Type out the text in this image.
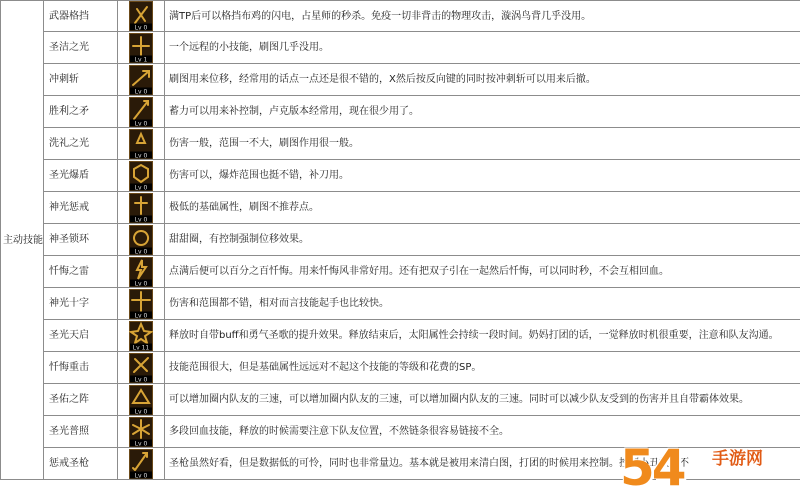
主动技能	武器格挡	Lv 0	满TP后可以格挡布鸡的闪电，占星师的秒杀。免疫一切非背击的物理攻击，漩涡鸟背几乎没用。
	圣洁之光	Lv 1	一个远程的小技能，刷图几乎没用。
	冲刺斩	Lv 0	刷图用来位移，经常用的话点一点还是很不错的，X然后按反向键的同时按冲刺斩可以用来后撤。
	胜利之矛	Lv 0	蓄力可以用来补控制，卢克版本经常用，现在很少用了。
	洗礼之光	Lv 0	伤害一般，范围一不大，刷图作用很一般。
	圣光爆盾	Lv 0	伤害可以，爆炸范围也挺不错，补刀用。
	神光惩戒	Lv 0	极低的基础属性，刷图不推荐点。
	神圣锁环	Lv 0	甜甜圈，有控制强制位移效果。
	忏悔之雷	Lv 0	点满后便可以百分之百忏悔。用来忏悔风非常好用。还有把双子引在一起然后忏悔，可以同时秒，不会互相回血。
	神光十字	Lv 0	伤害和范围都不错，相对而言技能起手也比较快。
	圣光天启	Lv 11	释放时自带buff和勇气圣歌的提升效果。释放结束后，太阳属性会持续一段时间。奶妈打团的话，一觉释放时机很重要，注意和队友沟通。
	忏悔重击	Lv 0	技能范围很大，但是基础属性远远对不起这个技能的等级和花费的SP。
	圣佑之阵	Lv 0	可以增加圈内队友的三速，可以增加圈内队友的三速，可以增加圈内队友的三速。同时可以减少队友受到的伤害并且自带霸体效果。
	圣光普照	Lv 0	多段回血技能，释放的时候需要注意下队友位置，不然链条很容易链接不全。
	惩戒圣枪	Lv 0	圣枪虽然好看，但是数据低的可怜，同时也非常量边。基本就是被用来清白图，打团的时候用来控制。控制小丑效果不
54 手游网
